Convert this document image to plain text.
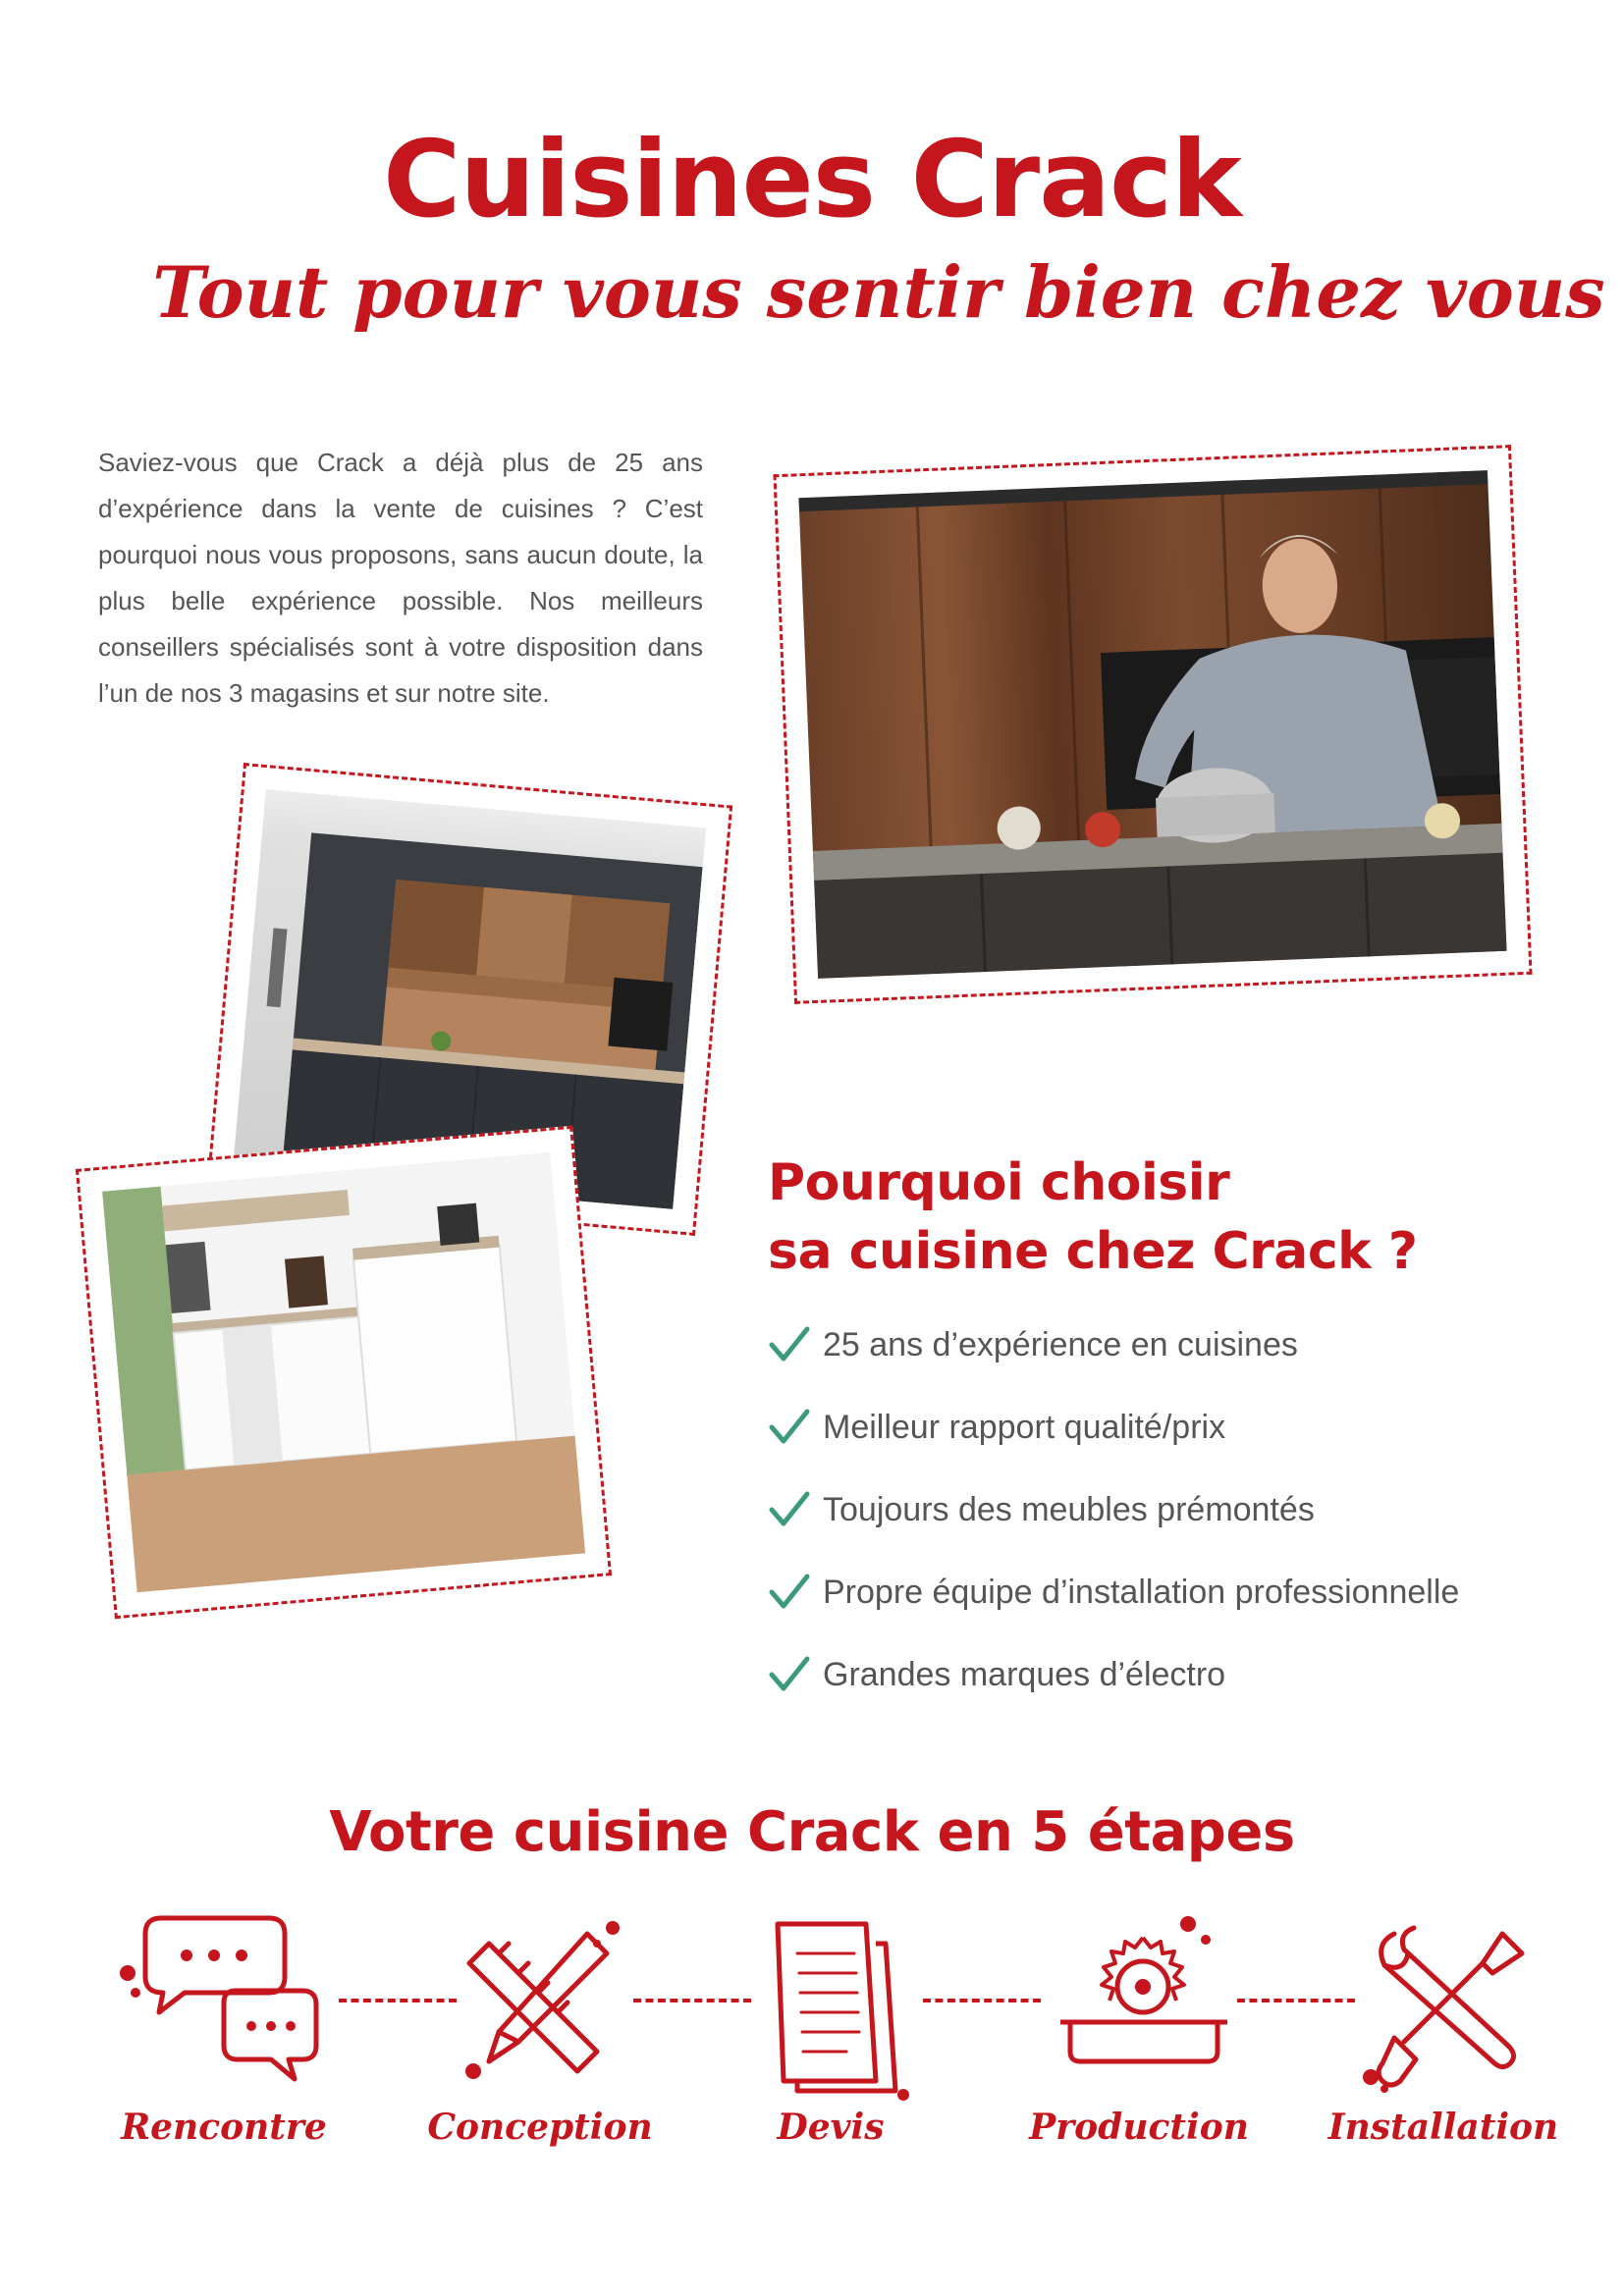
Cuisines Crack
Tout pour vous sentir bien chez vous

Saviez-vous que Crack a déjà plus de 25 ans d’expérience dans la vente de cuisines ? C’est pourquoi nous vous proposons, sans aucun doute, la plus belle expérience possible. Nos meilleurs conseillers spécialisés sont à votre disposition dans l’un de nos 3 magasins et sur notre site.

Pourquoi choisir
sa cuisine chez Crack ?
25 ans d’expérience en cuisines
Meilleur rapport qualité/prix
Toujours des meubles prémontés
Propre équipe d’installation professionnelle
Grandes marques d’électro
Votre cuisine Crack en 5 étapes
Rencontre	Conception	Devis	Production	Installation
